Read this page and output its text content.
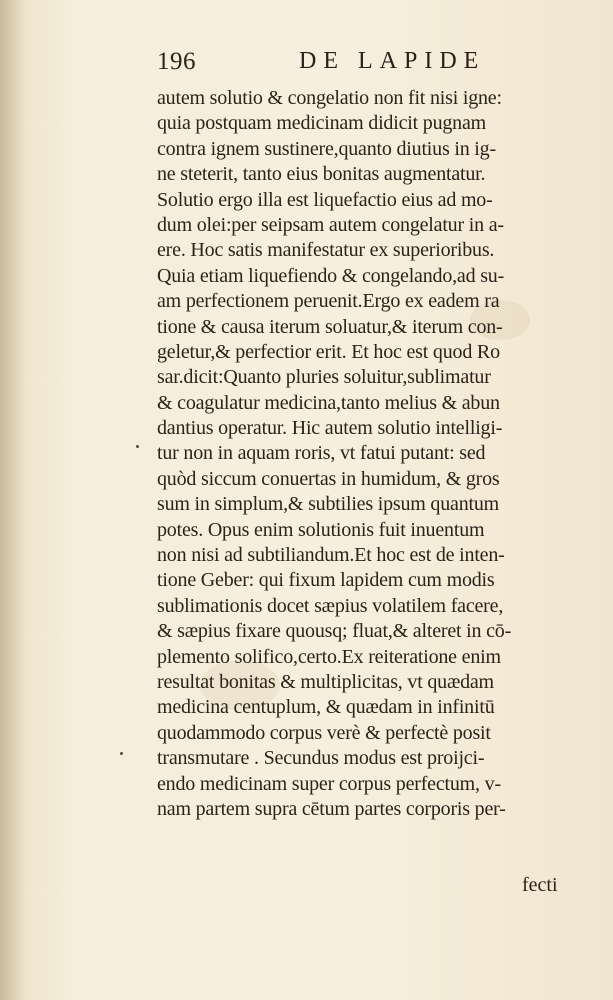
196	DE LAPIDE
autem solutio & congelatio non fit nisi igne:
quia postquam medicinam didicit pugnam
contra ignem sustinere,quanto diutius in ig-
ne steterit, tanto eius bonitas augmentatur.
Solutio ergo illa est liquefactio eius ad mo-
dum olei:per seipsam autem congelatur in a-
ere. Hoc satis manifestatur ex superioribus.
Quia etiam liquefiendo & congelando,ad su-
am perfectionem peruenit.Ergo ex eadem ra
tione & causa iterum soluatur,& iterum con-
geletur,& perfectior erit. Et hoc est quod Ro
sar.dicit:Quanto pluries soluitur,sublimatur
& coagulatur medicina,tanto melius & abun
dantius operatur. Hic autem solutio intelligi-
tur non in aquam roris, vt fatui putant: sed
quòd siccum conuertas in humidum, & gros
sum in simplum,& subtilies ipsum quantum
potes. Opus enim solutionis fuit inuentum
non nisi ad subtiliandum.Et hoc est de inten-
tione Geber: qui fixum lapidem cum modis
sublimationis docet sæpius volatilem facere,
& sæpius fixare quousq; fluat,& alteret in cō-
plemento solifico,certo.Ex reiteratione enim
resultat bonitas & multiplicitas, vt quædam
medicina centuplum, & quædam in infinitū
quodammodo corpus verè & perfectè posit
transmutare . Secundus modus est proijci-
endo medicinam super corpus perfectum, v-
nam partem supra cētum partes corporis per-
fecti
